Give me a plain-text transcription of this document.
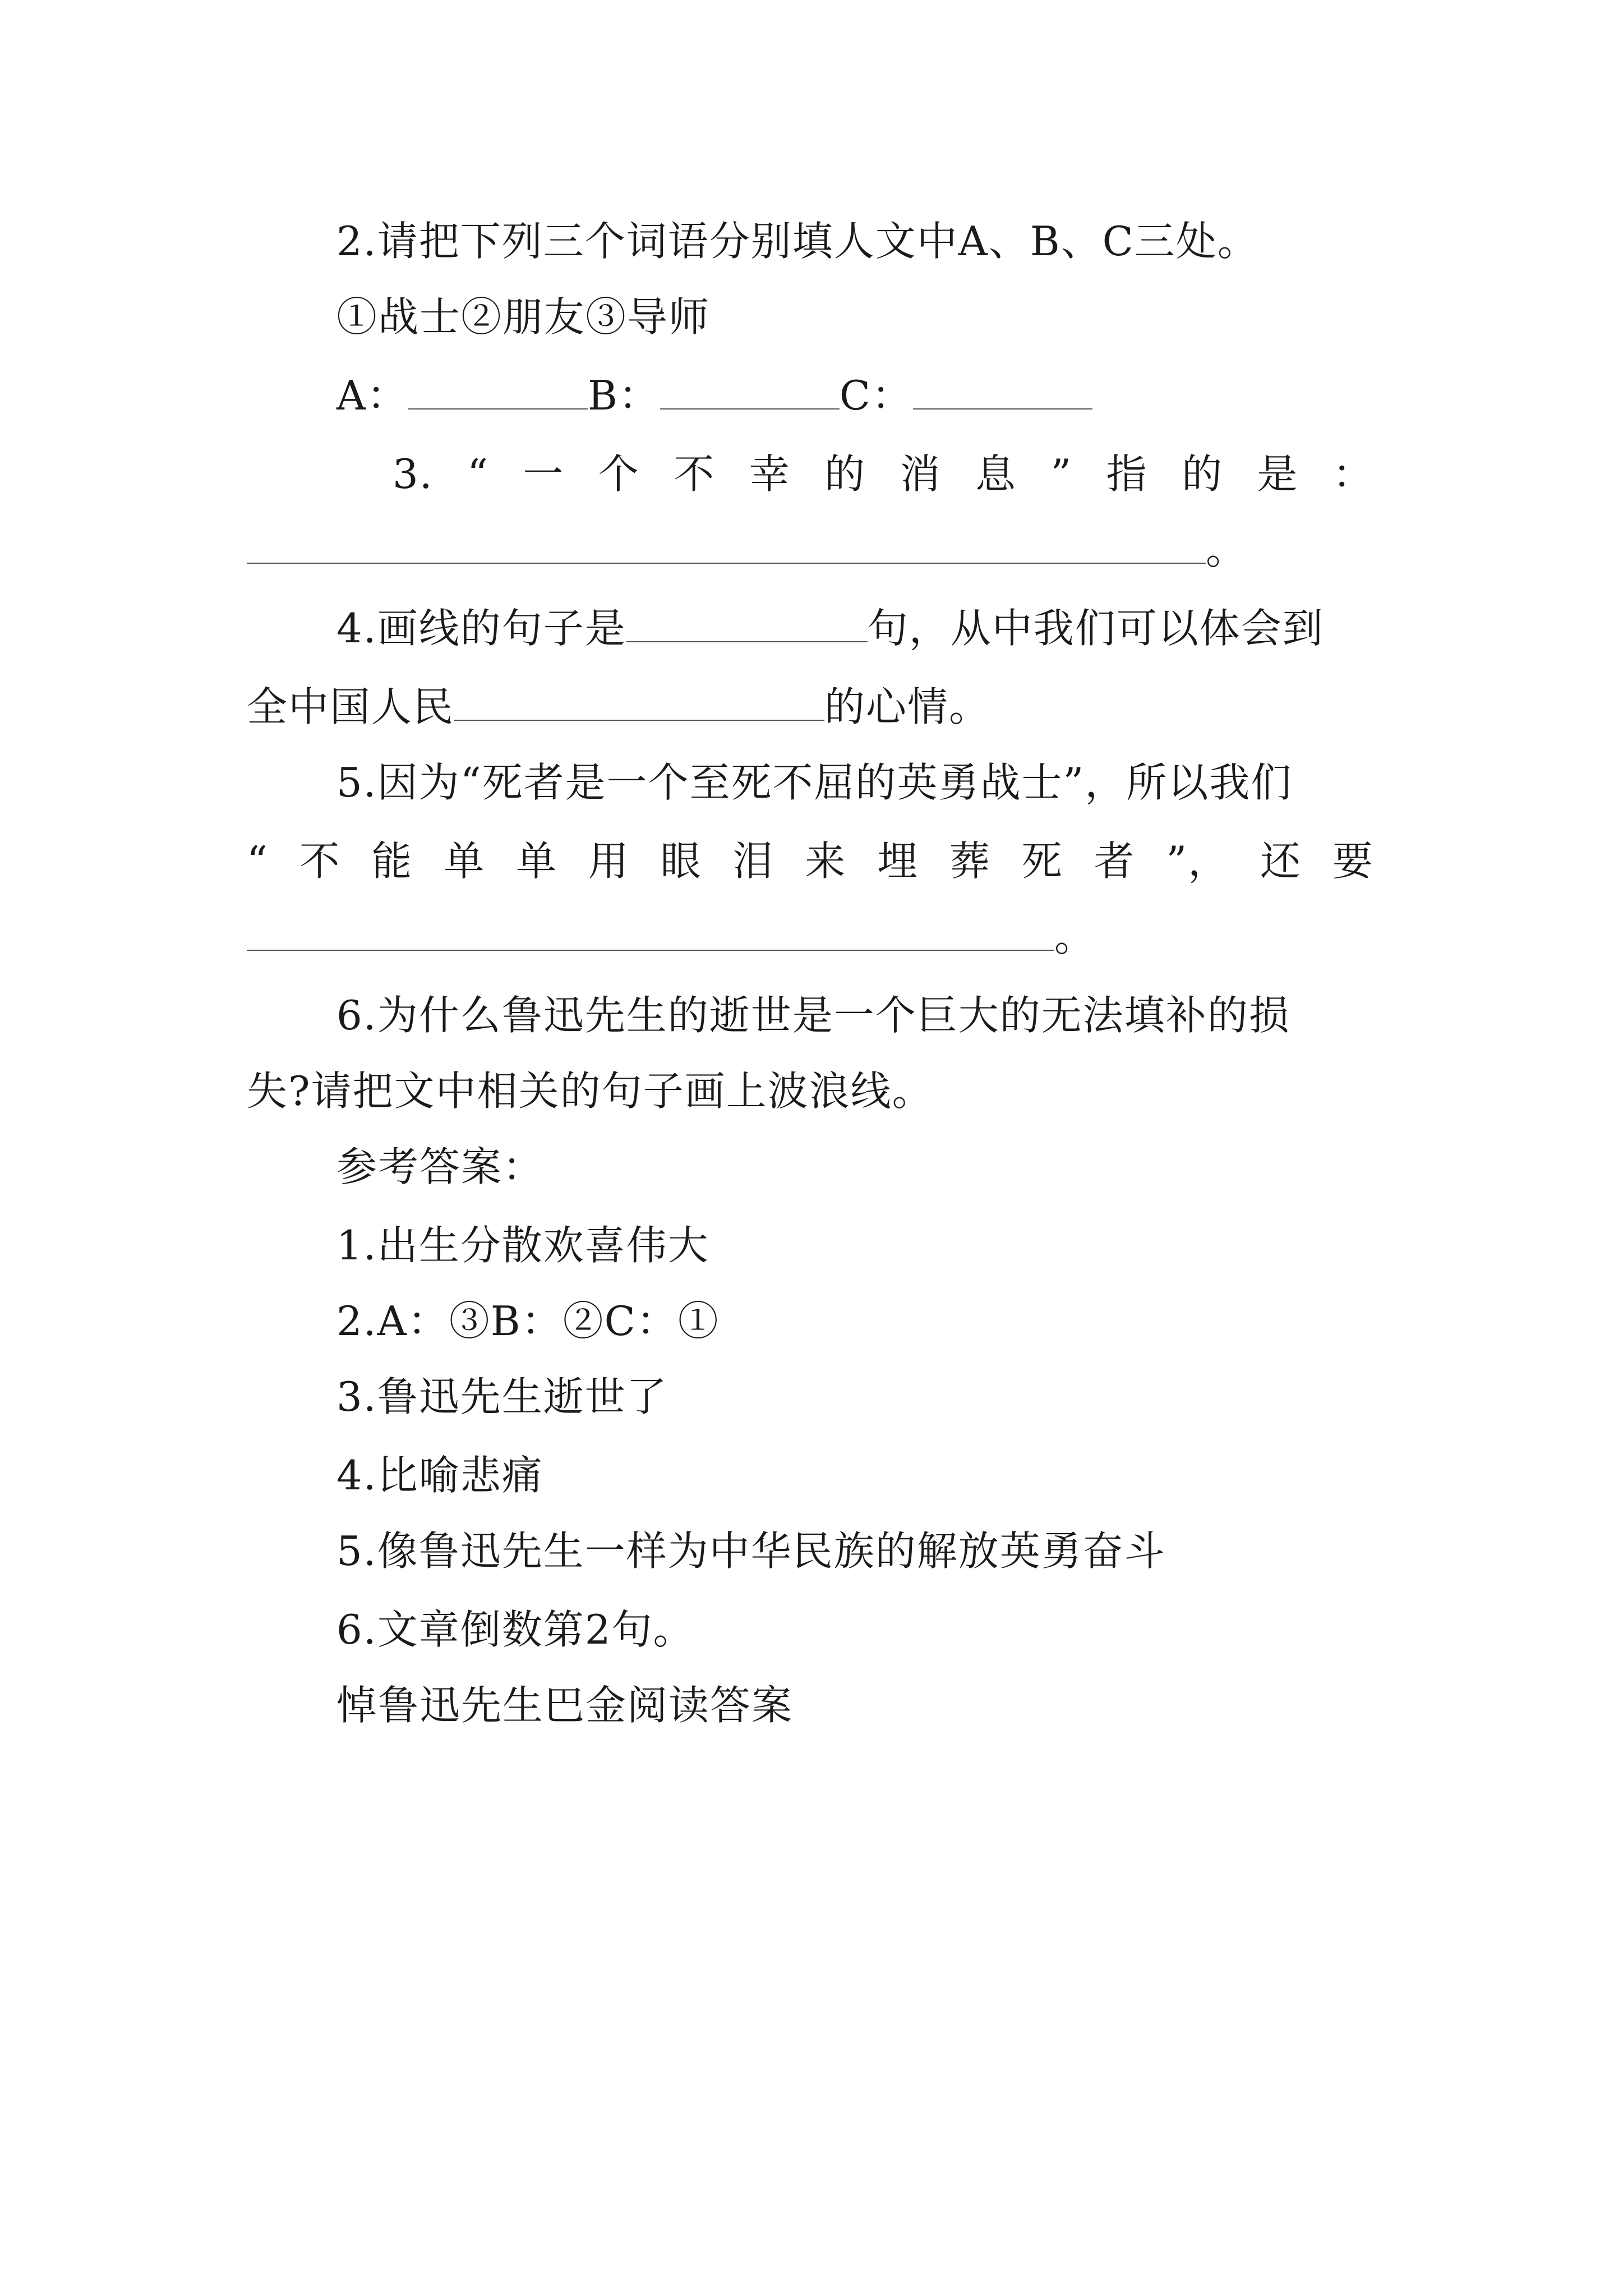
2.请把下列三个词语分别填人文中A、B、C三处。
①战士②朋友③导师
A：	B：	C：
3. “ 一 个 不 幸 的 消 息 ” 指 的 是 ：
。
4.画线的句子是	句，从中我们可以体会到
全中国人民	的心情。
5.因为“死者是一个至死不屈的英勇战士”，所以我们
“ 不 能 单 单 用 眼 泪 来 埋 葬 死 者 ”， 还 要
。
6.为什么鲁迅先生的逝世是一个巨大的无法填补的损
失?请把文中相关的句子画上波浪线。
参考答案：
1.出生分散欢喜伟大
2.A：③B：②C：①
3.鲁迅先生逝世了
4.比喻悲痛
5.像鲁迅先生一样为中华民族的解放英勇奋斗
6.文章倒数第2句。
悼鲁迅先生巴金阅读答案
